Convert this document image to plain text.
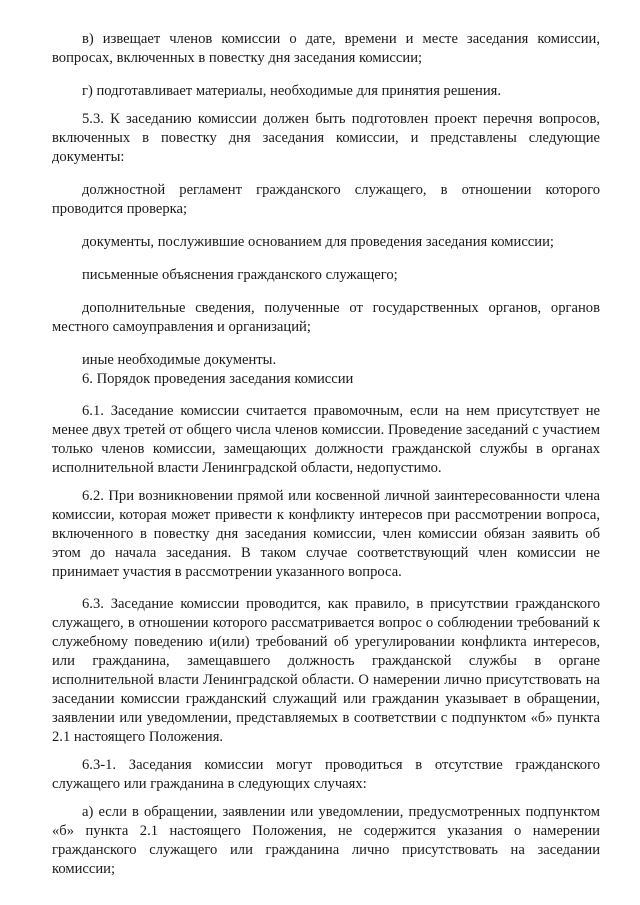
в) извещает членов комиссии о дате, времени и месте заседания комиссии, вопросах, включенных в повестку дня заседания комиссии;

г) подготавливает материалы, необходимые для принятия решения.

5.3. К заседанию комиссии должен быть подготовлен проект перечня вопросов, включенных в повестку дня заседания комиссии, и представлены следующие документы:

должностной регламент гражданского служащего, в отношении которого проводится проверка;

документы, послужившие основанием для проведения заседания комиссии;

письменные объяснения гражданского служащего;

дополнительные сведения, полученные от государственных органов, органов местного самоуправления и организаций;

иные необходимые документы.

6. Порядок проведения заседания комиссии

6.1. Заседание комиссии считается правомочным, если на нем присутствует не менее двух третей от общего числа членов комиссии. Проведение заседаний с участием только членов комиссии, замещающих должности гражданской службы в органах исполнительной власти Ленинградской области, недопустимо.

6.2. При возникновении прямой или косвенной личной заинтересованности члена комиссии, которая может привести к конфликту интересов при рассмотрении вопроса, включенного в повестку дня заседания комиссии, член комиссии обязан заявить об этом до начала заседания. В таком случае соответствующий член комиссии не принимает участия в рассмотрении указанного вопроса.

6.3. Заседание комиссии проводится, как правило, в присутствии гражданского служащего, в отношении которого рассматривается вопрос о соблюдении требований к служебному поведению и(или) требований об урегулировании конфликта интересов, или гражданина, замещавшего должность гражданской службы в органе исполнительной власти Ленинградской области. О намерении лично присутствовать на заседании комиссии гражданский служащий или гражданин указывает в обращении, заявлении или уведомлении, представляемых в соответствии с подпунктом «б» пункта 2.1 настоящего Положения.

6.3-1. Заседания комиссии могут проводиться в отсутствие гражданского служащего или гражданина в следующих случаях:

а) если в обращении, заявлении или уведомлении, предусмотренных подпунктом «б» пункта 2.1 настоящего Положения, не содержится указания о намерении гражданского служащего или гражданина лично присутствовать на заседании комиссии;
